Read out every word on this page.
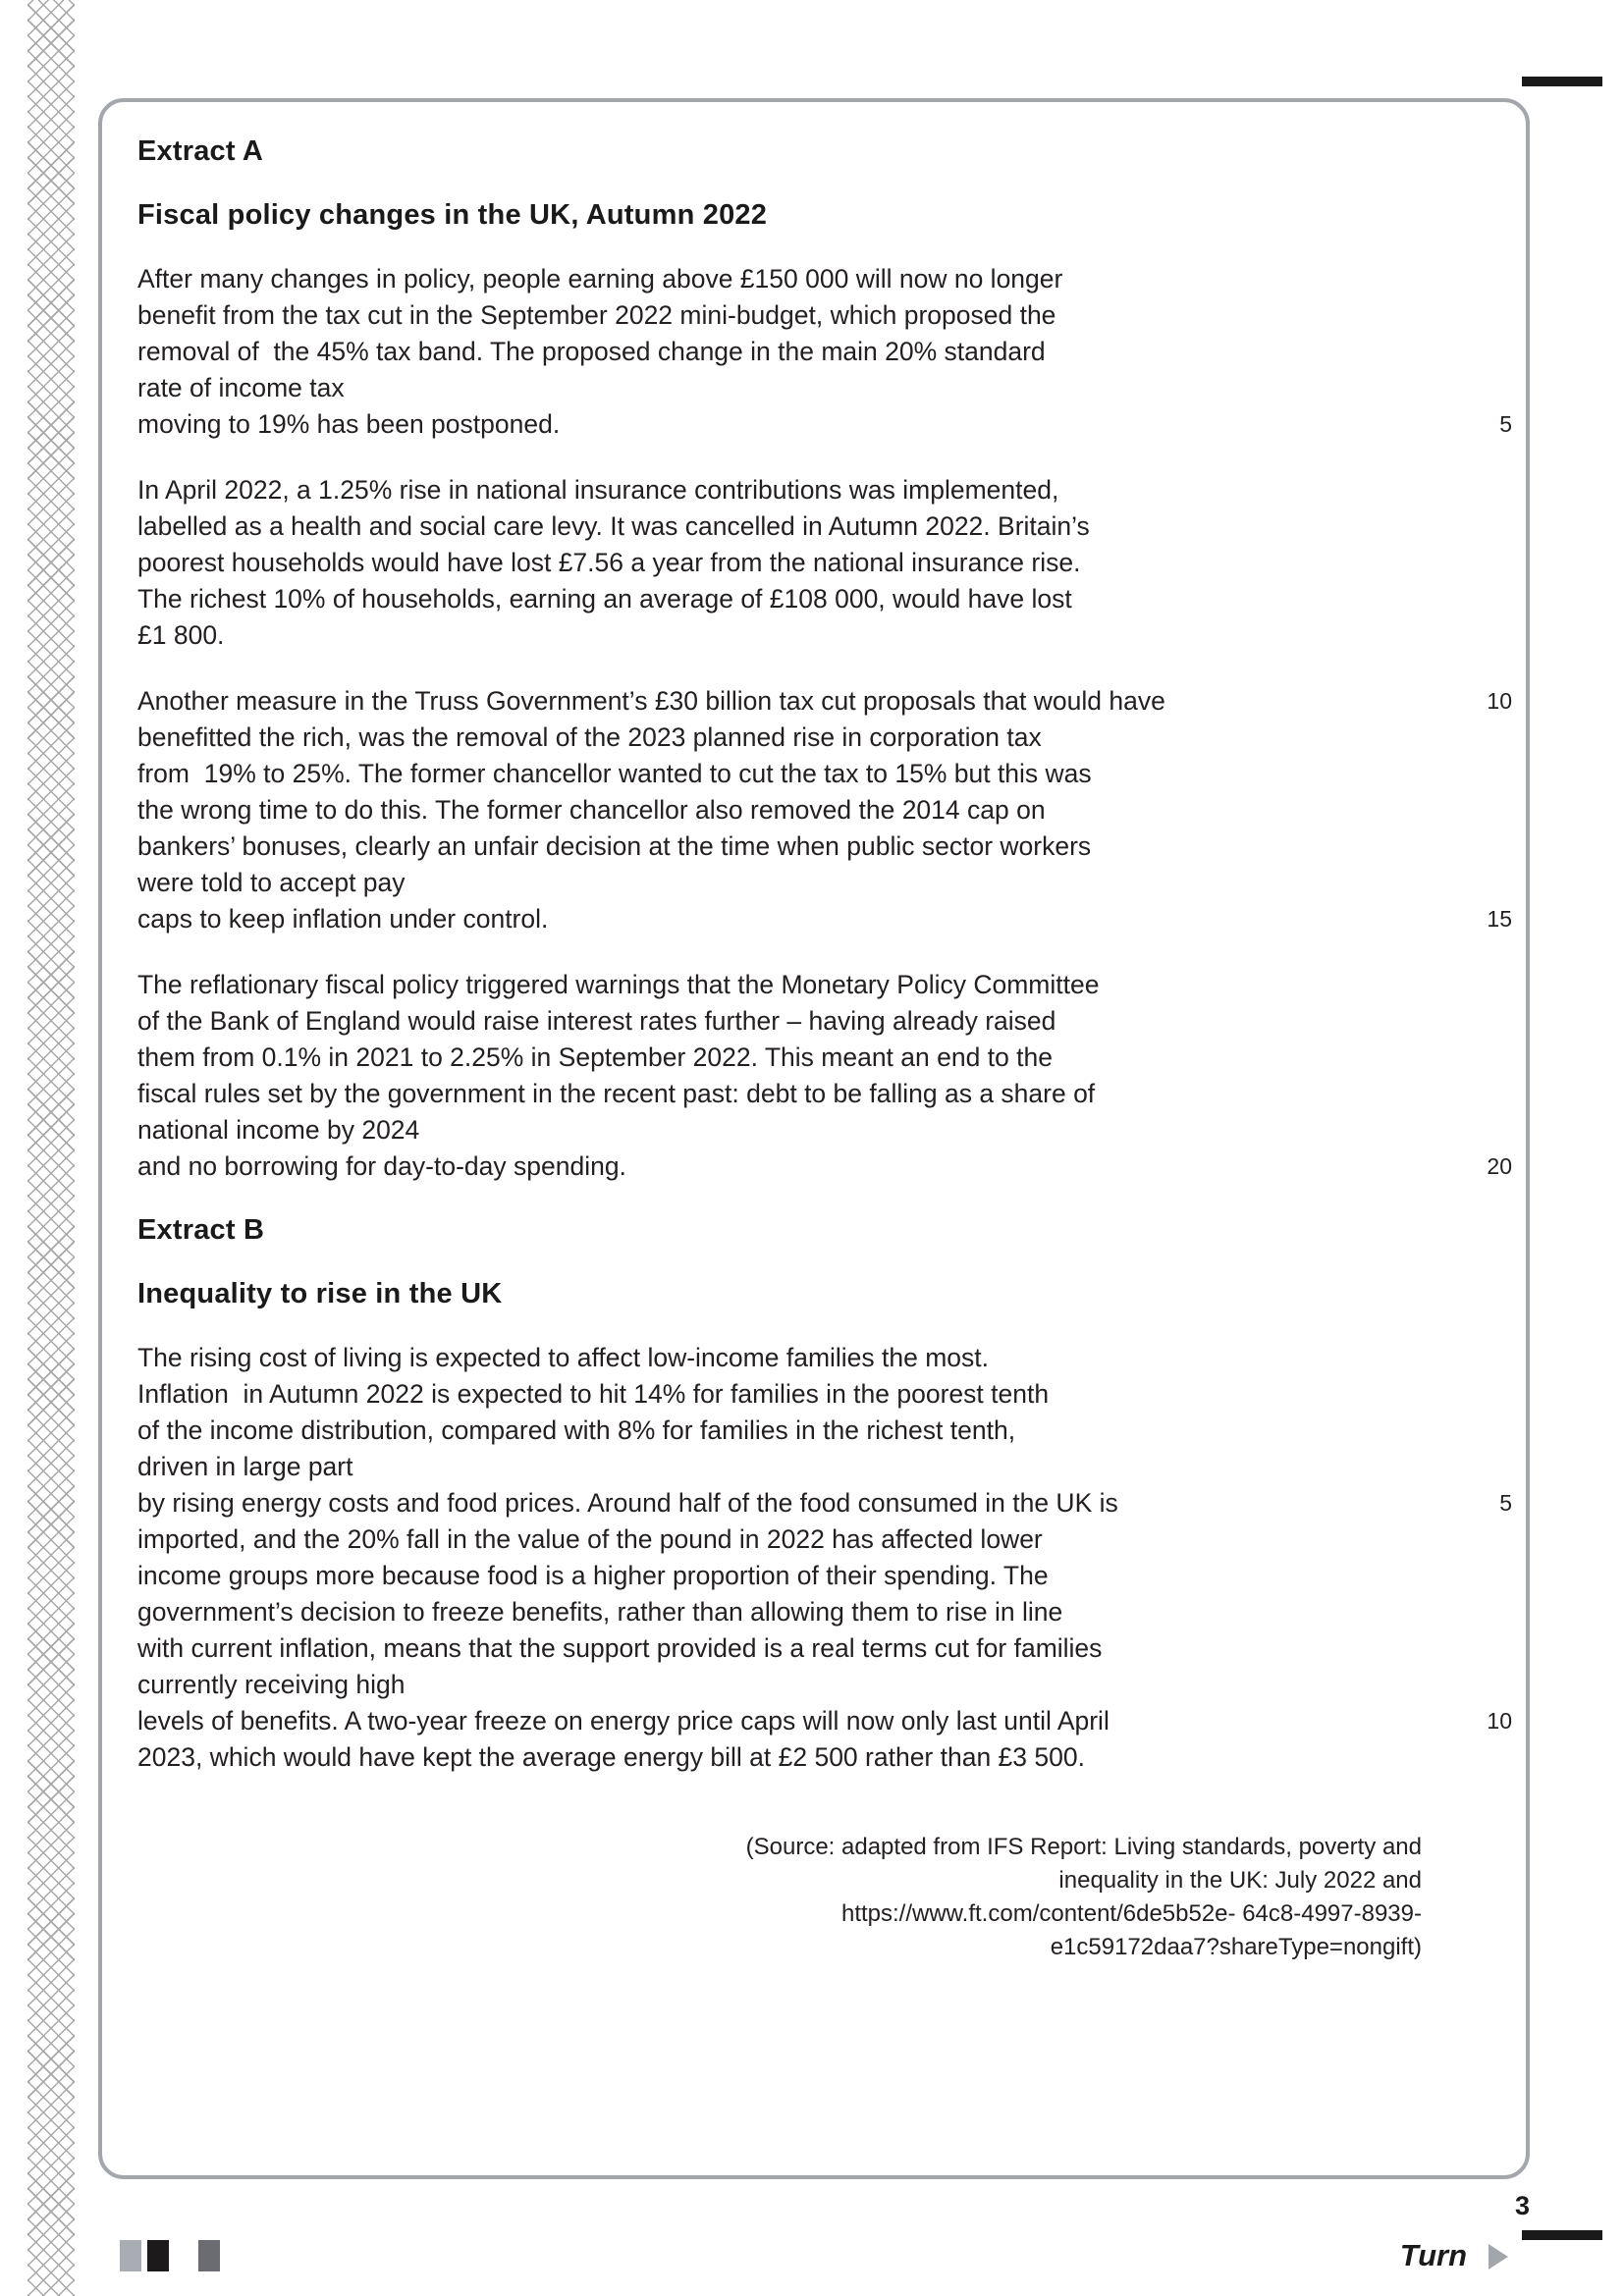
Extract A
Fiscal policy changes in the UK, Autumn 2022
After many changes in policy, people earning above £150 000 will now no longer
benefit from the tax cut in the September 2022 mini-budget, which proposed the
removal of  the 45% tax band. The proposed change in the main 20% standard
rate of income tax
moving to 19% has been postponed.	5
In April 2022, a 1.25% rise in national insurance contributions was implemented,
labelled as a health and social care levy. It was cancelled in Autumn 2022. Britain’s
poorest households would have lost £7.56 a year from the national insurance rise.
The richest 10% of households, earning an average of £108 000, would have lost
£1 800.
Another measure in the Truss Government’s £30 billion tax cut proposals that would have	10
benefitted the rich, was the removal of the 2023 planned rise in corporation tax
from  19% to 25%. The former chancellor wanted to cut the tax to 15% but this was
the wrong time to do this. The former chancellor also removed the 2014 cap on
bankers’ bonuses, clearly an unfair decision at the time when public sector workers
were told to accept pay
caps to keep inflation under control.	15
The reflationary fiscal policy triggered warnings that the Monetary Policy Committee
of the Bank of England would raise interest rates further – having already raised
them from 0.1% in 2021 to 2.25% in September 2022. This meant an end to the
fiscal rules set by the government in the recent past: debt to be falling as a share of
national income by 2024
and no borrowing for day-to-day spending.	20
Extract B
Inequality to rise in the UK
The rising cost of living is expected to affect low-income families the most.
Inflation  in Autumn 2022 is expected to hit 14% for families in the poorest tenth
of the income distribution, compared with 8% for families in the richest tenth,
driven in large part
by rising energy costs and food prices. Around half of the food consumed in the UK is	5
imported, and the 20% fall in the value of the pound in 2022 has affected lower
income groups more because food is a higher proportion of their spending. The
government’s decision to freeze benefits, rather than allowing them to rise in line
with current inflation, means that the support provided is a real terms cut for families
currently receiving high
levels of benefits. A two-year freeze on energy price caps will now only last until April	10
2023, which would have kept the average energy bill at £2 500 rather than £3 500.
(Source: adapted from IFS Report: Living standards, poverty and
inequality in the UK: July 2022 and
https://www.ft.com/content/6de5b52e- 64c8-4997-8939-
e1c59172daa7?shareType=nongift)
3
Turn
